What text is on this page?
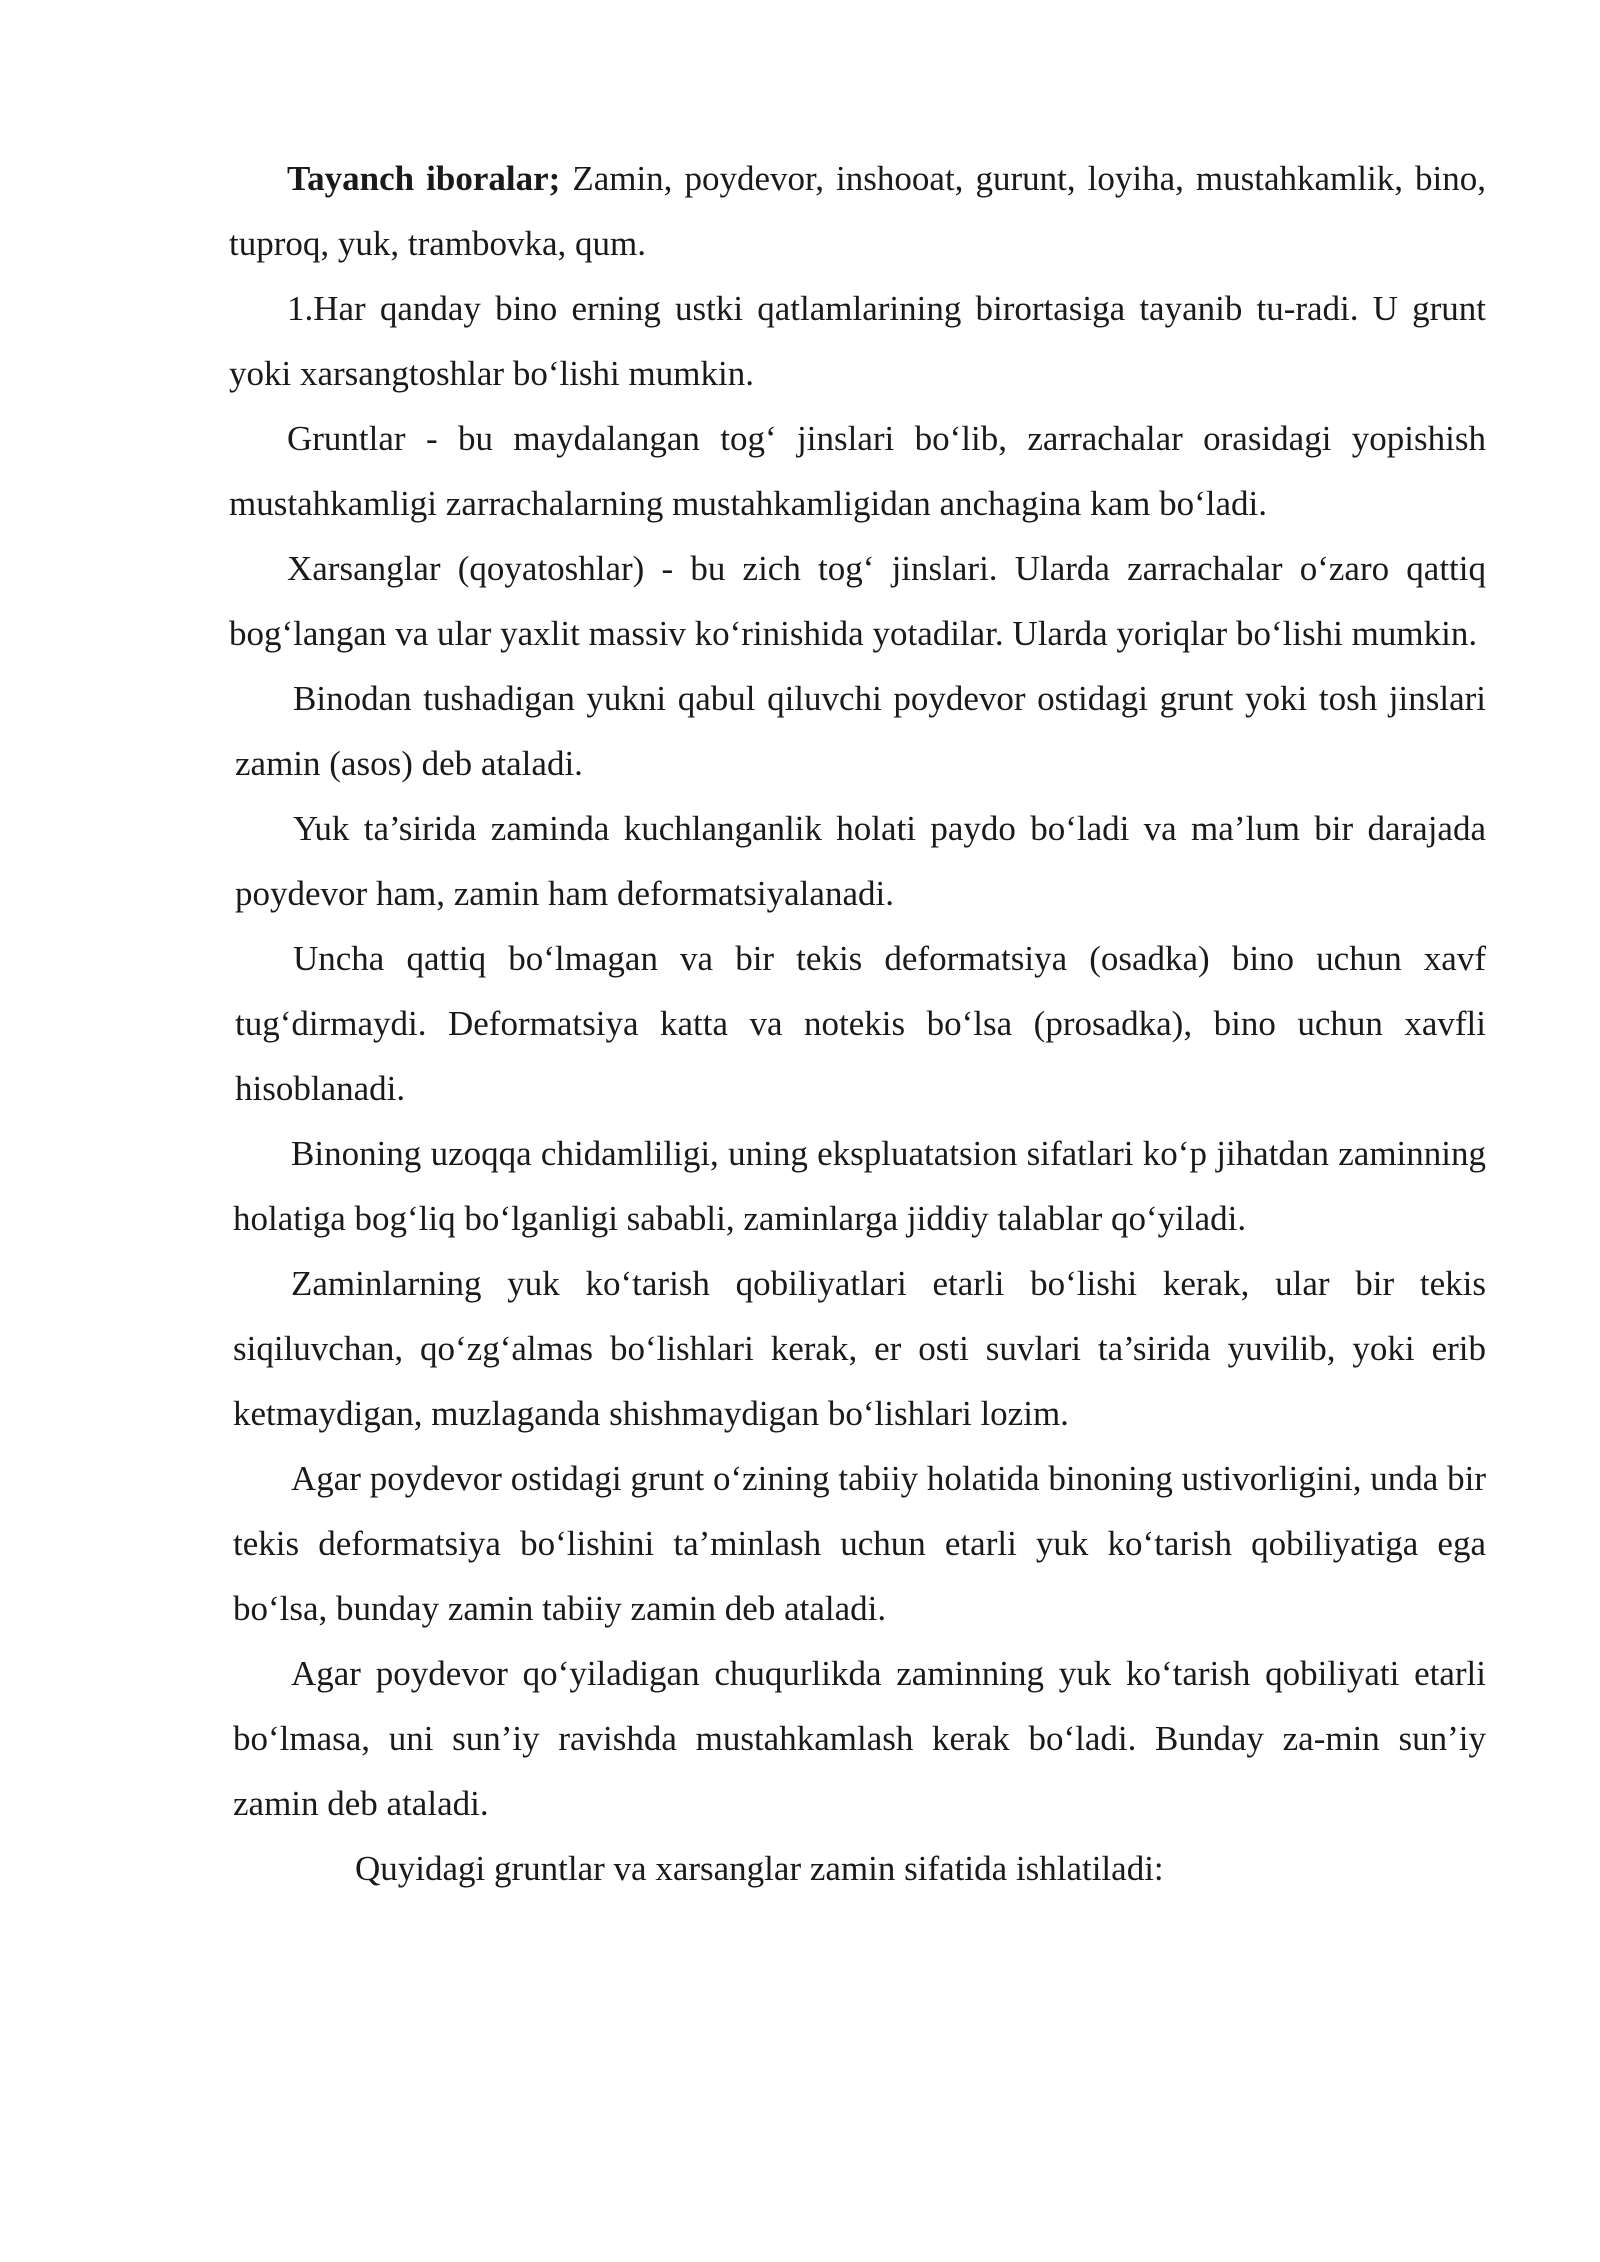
Tayanch iboralar; Zamin, poydevor, inshooat, gurunt, loyiha, mustahkamlik, bino, tuproq, yuk, trambovka, qum.

1.Har qanday bino erning ustki qatlamlarining birortasiga tayanib tu-radi. U grunt yoki xarsangtoshlar bo‘lishi mumkin.

Gruntlar - bu maydalangan tog‘ jinslari bo‘lib, zarrachalar orasidagi yopishish mustahkamligi zarrachalarning mustahkamligidan anchagina kam bo‘ladi.

Xarsanglar (qoyatoshlar) - bu zich tog‘ jinslari. Ularda zarrachalar o‘zaro qattiq bog‘langan va ular yaxlit massiv ko‘rinishida yotadilar. Ularda yoriqlar bo‘lishi mumkin.

Binodan tushadigan yukni qabul qiluvchi poydevor ostidagi grunt yoki tosh jinslari zamin (asos) deb ataladi.

Yuk ta’sirida zaminda kuchlanganlik holati paydo bo‘ladi va ma’lum bir darajada poydevor ham, zamin ham deformatsiyalanadi.

Uncha qattiq bo‘lmagan va bir tekis deformatsiya (osadka) bino uchun xavf tug‘dirmaydi. Deformatsiya katta va notekis bo‘lsa (prosadka), bino uchun xavfli hisoblanadi.

Binoning uzoqqa chidamliligi, uning ekspluatatsion sifatlari ko‘p jihatdan zaminning holatiga bog‘liq bo‘lganligi sababli, zaminlarga jiddiy talablar qo‘yiladi.

Zaminlarning yuk ko‘tarish qobiliyatlari etarli bo‘lishi kerak, ular bir tekis siqiluvchan, qo‘zg‘almas bo‘lishlari kerak, er osti suvlari ta’sirida yuvilib, yoki erib ketmaydigan, muzlaganda shishmaydigan bo‘lishlari lozim.

Agar poydevor ostidagi grunt o‘zining tabiiy holatida binoning ustivorligini, unda bir tekis deformatsiya bo‘lishini ta’minlash uchun etarli yuk ko‘tarish qobiliyatiga ega bo‘lsa, bunday zamin tabiiy zamin deb ataladi.

Agar poydevor qo‘yiladigan chuqurlikda zaminning yuk ko‘tarish qobiliyati etarli bo‘lmasa, uni sun’iy ravishda mustahkamlash kerak bo‘ladi. Bunday za-min sun’iy zamin deb ataladi.

Quyidagi gruntlar va xarsanglar zamin sifatida ishlatiladi:
